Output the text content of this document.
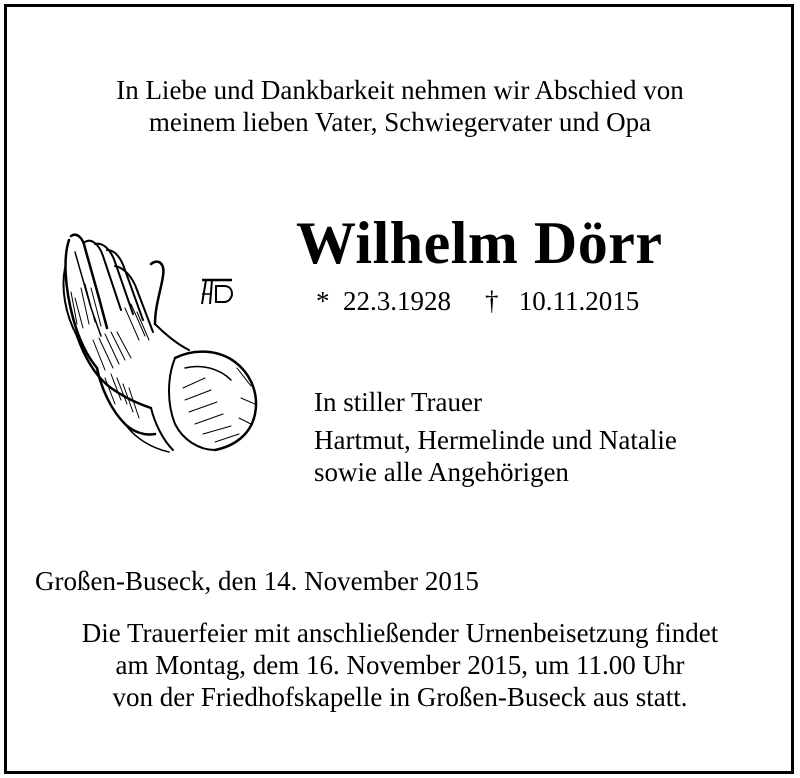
In Liebe und Dankbarkeit nehmen wir Abschied von
meinem lieben Vater, Schwiegervater und Opa
Wilhelm Dörr
* 22.3.1928 † 10.11.2015
In stiller Trauer
Hartmut, Hermelinde und Natalie
sowie alle Angehörigen
Großen-Buseck, den 14. November 2015
Die Trauerfeier mit anschließender Urnenbeisetzung findet
am Montag, dem 16. November 2015, um 11.00 Uhr
von der Friedhofskapelle in Großen-Buseck aus statt.
